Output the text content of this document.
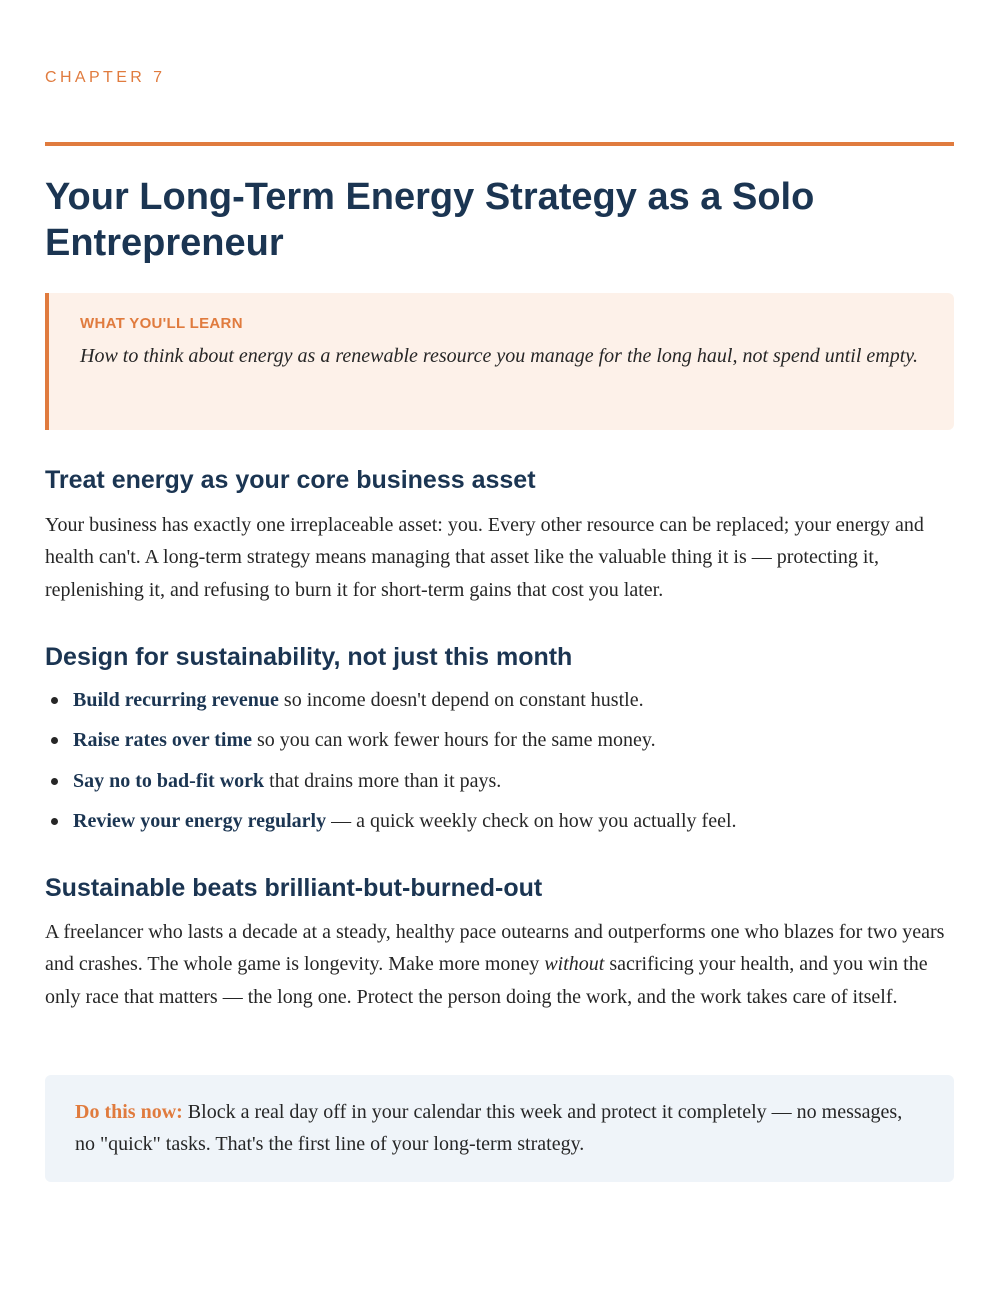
CHAPTER 7

Your Long-Term Energy Strategy as a Solo Entrepreneur

WHAT YOU'LL LEARN

How to think about energy as a renewable resource you manage for the long haul, not spend until empty.

Treat energy as your core business asset

Your business has exactly one irreplaceable asset: you. Every other resource can be replaced; your energy and health can't. A long-term strategy means managing that asset like the valuable thing it is — protecting it, replenishing it, and refusing to burn it for short-term gains that cost you later.

Design for sustainability, not just this month
Build recurring revenue so income doesn't depend on constant hustle.
Raise rates over time so you can work fewer hours for the same money.
Say no to bad-fit work that drains more than it pays.
Review your energy regularly — a quick weekly check on how you actually feel.
Sustainable beats brilliant-but-burned-out

A freelancer who lasts a decade at a steady, healthy pace outearns and outperforms one who blazes for two years and crashes. The whole game is longevity. Make more money without sacrificing your health, and you win the only race that matters — the long one. Protect the person doing the work, and the work takes care of itself.

Do this now: Block a real day off in your calendar this week and protect it completely — no messages, no "quick" tasks. That's the first line of your long-term strategy.
